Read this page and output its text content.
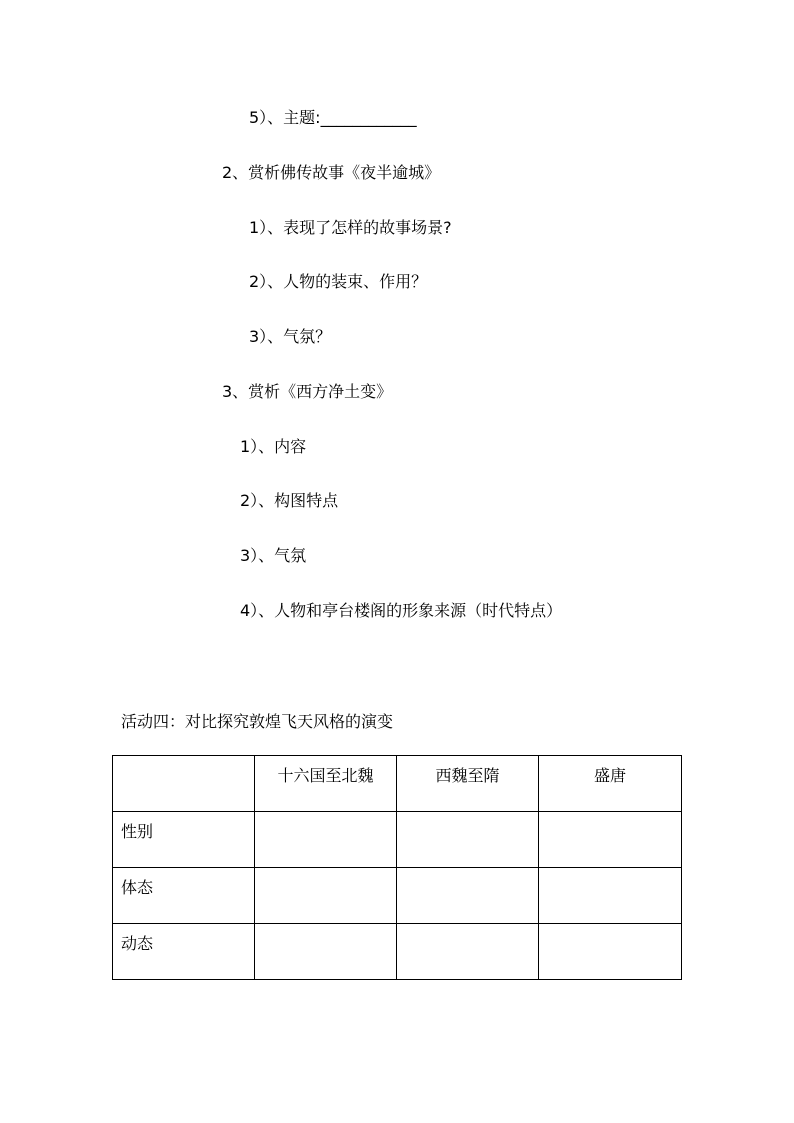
5）、主题:____________
2、赏析佛传故事《夜半逾城》
1）、表现了怎样的故事场景?
2）、人物的装束、作用？
3）、气氛？
3、赏析《西方净土变》
1）、内容
2）、构图特点
3）、气氛
4）、人物和亭台楼阁的形象来源（时代特点）
活动四：对比探究敦煌飞天风格的演变
	十六国至北魏	西魏至隋	盛唐
性别			
体态			
动态			
